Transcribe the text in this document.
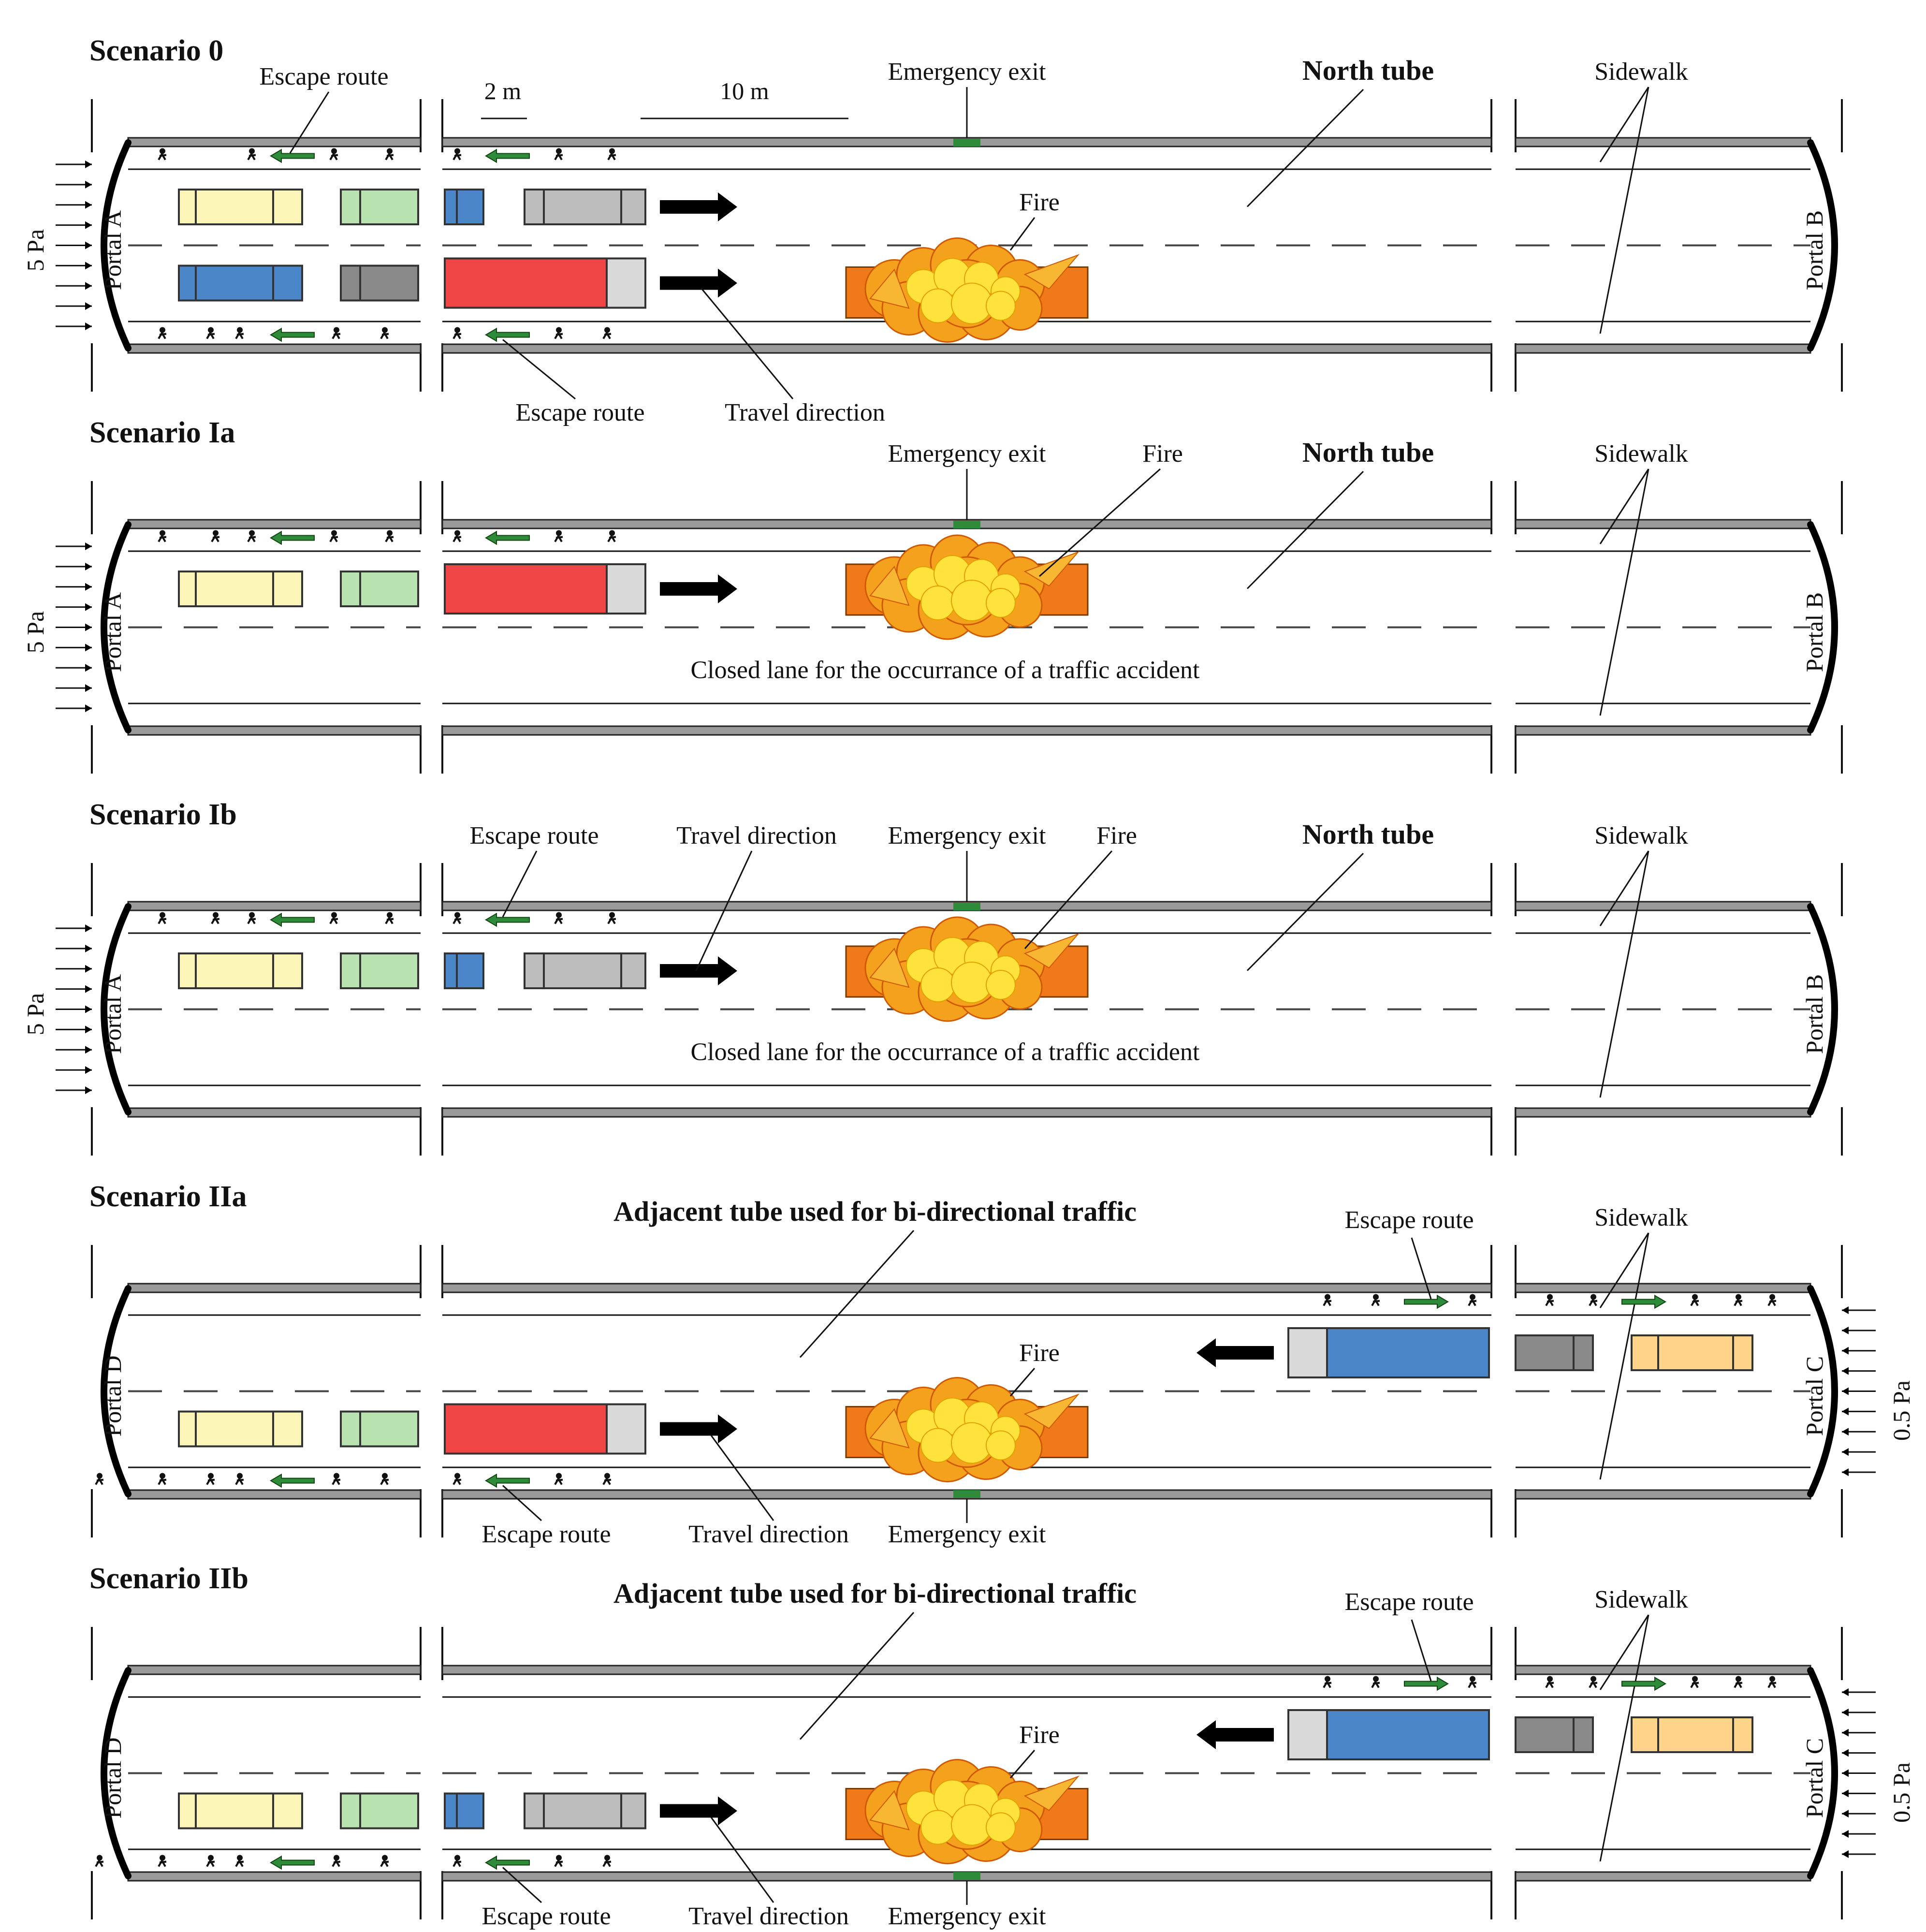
Scenario 0
Portal A	Portal B
5 Pa
Sidewalk
Emergency exit	North tube
2 m	10 m
Fire
Escape route
Escape route	Travel direction
Scenario Ia
Portal A	Portal B
5 Pa
Sidewalk
Emergency exit	North tube
Fire
Closed lane for the occurrance of a traffic accident
Scenario Ib
Portal A	Portal B
5 Pa
Sidewalk
Emergency exit	North tube
Fire
Closed lane for the occurrance of a traffic accident
Escape route	Travel direction
Scenario IIa
Portal D	Portal C 0.5 Pa
Sidewalk
Emergency exit
Adjacent tube used for bi-directional traffic
Fire
Escape route
Escape route	Travel direction
Scenario IIb
Portal D	Portal C 0.5 Pa
Sidewalk
Emergency exit
Adjacent tube used for bi-directional traffic
Fire
Escape route
Escape route	Travel direction
